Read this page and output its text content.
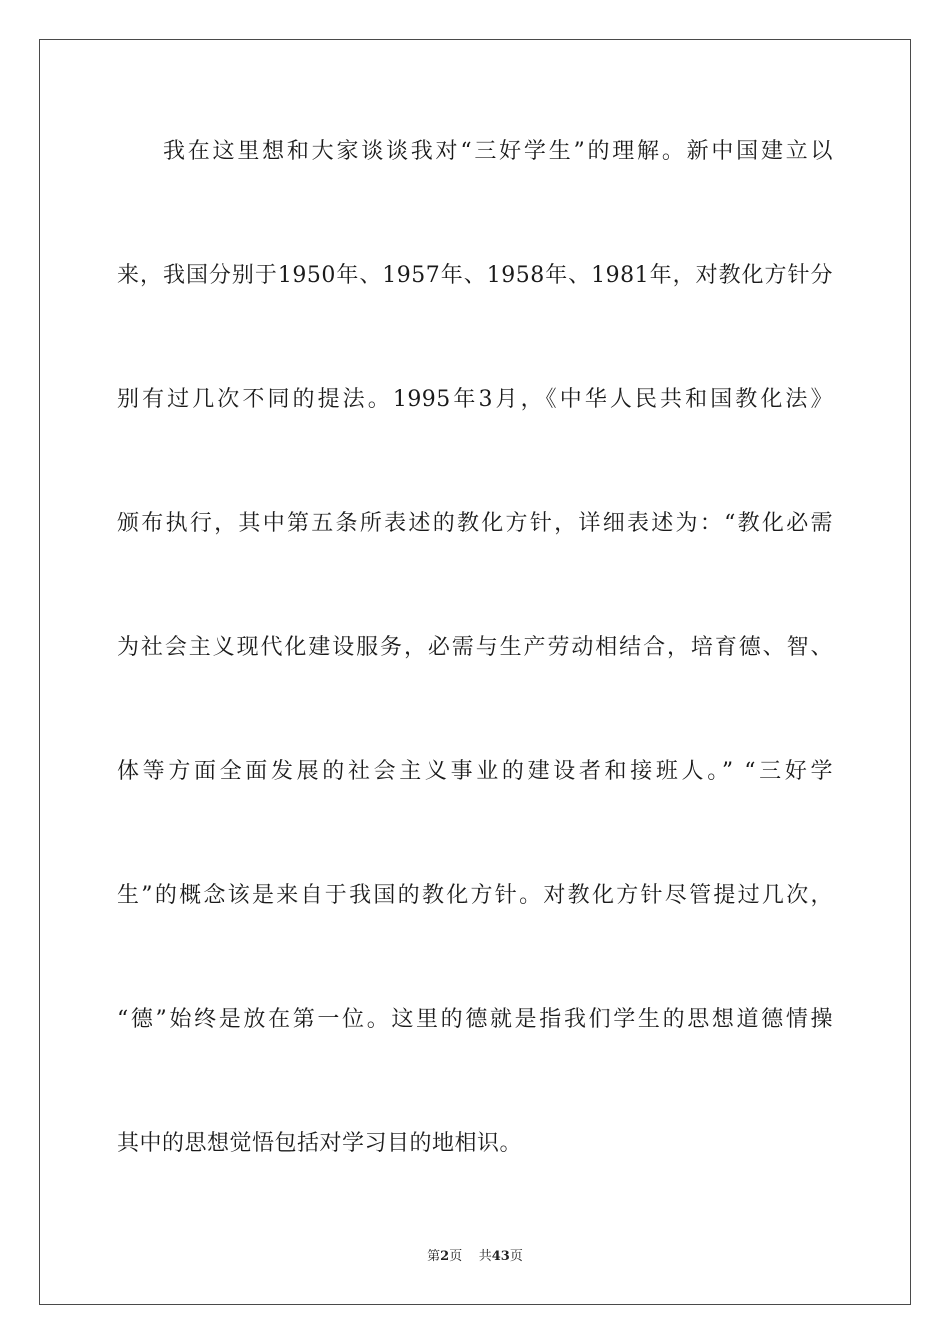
我在这里想和大家谈谈我对“三好学生”的理解。新中国建立以
来，我国分别于1950年、1957年、1958年、1981年，对教化方针分
别有过几次不同的提法。1995年3月，《中华人民共和国教化法》
颁布执行，其中第五条所表述的教化方针，详细表述为：“教化必需
为社会主义现代化建设服务，必需与生产劳动相结合，培育德、智、
体等方面全面发展的社会主义事业的建设者和接班人。” “三好学
生”的概念该是来自于我国的教化方针。对教化方针尽管提过几次，
“德”始终是放在第一位。这里的德就是指我们学生的思想道德情操
其中的思想觉悟包括对学习目的地相识。
第2页 共43页
